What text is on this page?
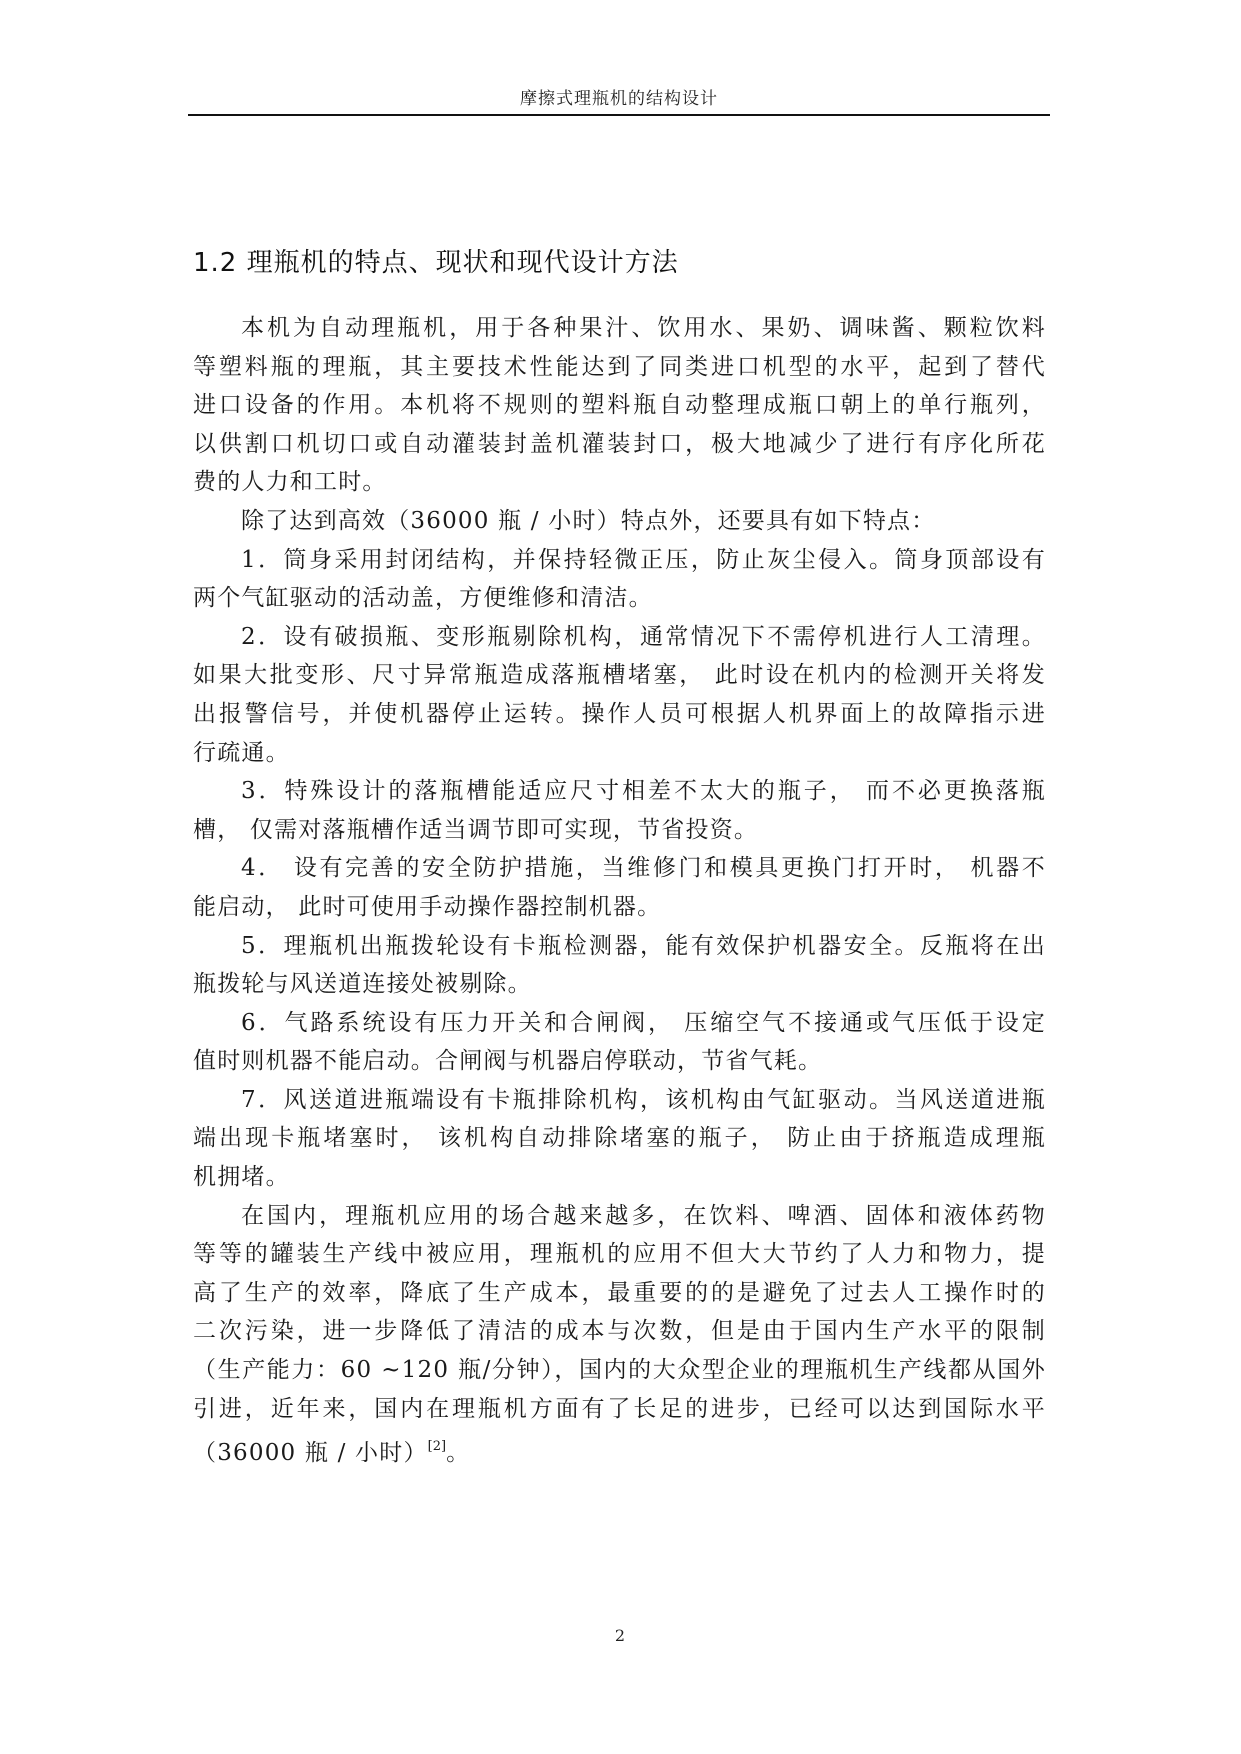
摩擦式理瓶机的结构设计
1.2 理瓶机的特点、现状和现代设计方法
本机为自动理瓶机，用于各种果汁、饮用水、果奶、调味酱、颗粒饮料
等塑料瓶的理瓶，其主要技术性能达到了同类进口机型的水平，起到了替代
进口设备的作用。本机将不规则的塑料瓶自动整理成瓶口朝上的单行瓶列，
以供割口机切口或自动灌装封盖机灌装封口，极大地减少了进行有序化所花
费的人力和工时。
除了达到高效（36000 瓶 / 小时）特点外，还要具有如下特点：
1．筒身采用封闭结构，并保持轻微正压，防止灰尘侵入。筒身顶部设有
两个气缸驱动的活动盖，方便维修和清洁。
2．设有破损瓶、变形瓶剔除机构，通常情况下不需停机进行人工清理。
如果大批变形、尺寸异常瓶造成落瓶槽堵塞， 此时设在机内的检测开关将发
出报警信号，并使机器停止运转。操作人员可根据人机界面上的故障指示进
行疏通。
3．特殊设计的落瓶槽能适应尺寸相差不太大的瓶子， 而不必更换落瓶
槽， 仅需对落瓶槽作适当调节即可实现，节省投资。
4． 设有完善的安全防护措施，当维修门和模具更换门打开时， 机器不
能启动， 此时可使用手动操作器控制机器。
5．理瓶机出瓶拨轮设有卡瓶检测器，能有效保护机器安全。反瓶将在出
瓶拨轮与风送道连接处被剔除。
6．气路系统设有压力开关和合闸阀， 压缩空气不接通或气压低于设定
值时则机器不能启动。合闸阀与机器启停联动，节省气耗。
7．风送道进瓶端设有卡瓶排除机构，该机构由气缸驱动。当风送道进瓶
端出现卡瓶堵塞时， 该机构自动排除堵塞的瓶子， 防止由于挤瓶造成理瓶
机拥堵。
在国内，理瓶机应用的场合越来越多，在饮料、啤酒、固体和液体药物
等等的罐装生产线中被应用，理瓶机的应用不但大大节约了人力和物力，提
高了生产的效率，降底了生产成本，最重要的的是避免了过去人工操作时的
二次污染，进一步降低了清洁的成本与次数，但是由于国内生产水平的限制
（生产能力：60 ~120 瓶/分钟），国内的大众型企业的理瓶机生产线都从国外
引进，近年来，国内在理瓶机方面有了长足的进步，已经可以达到国际水平
（36000 瓶 / 小时）[2]。
2
